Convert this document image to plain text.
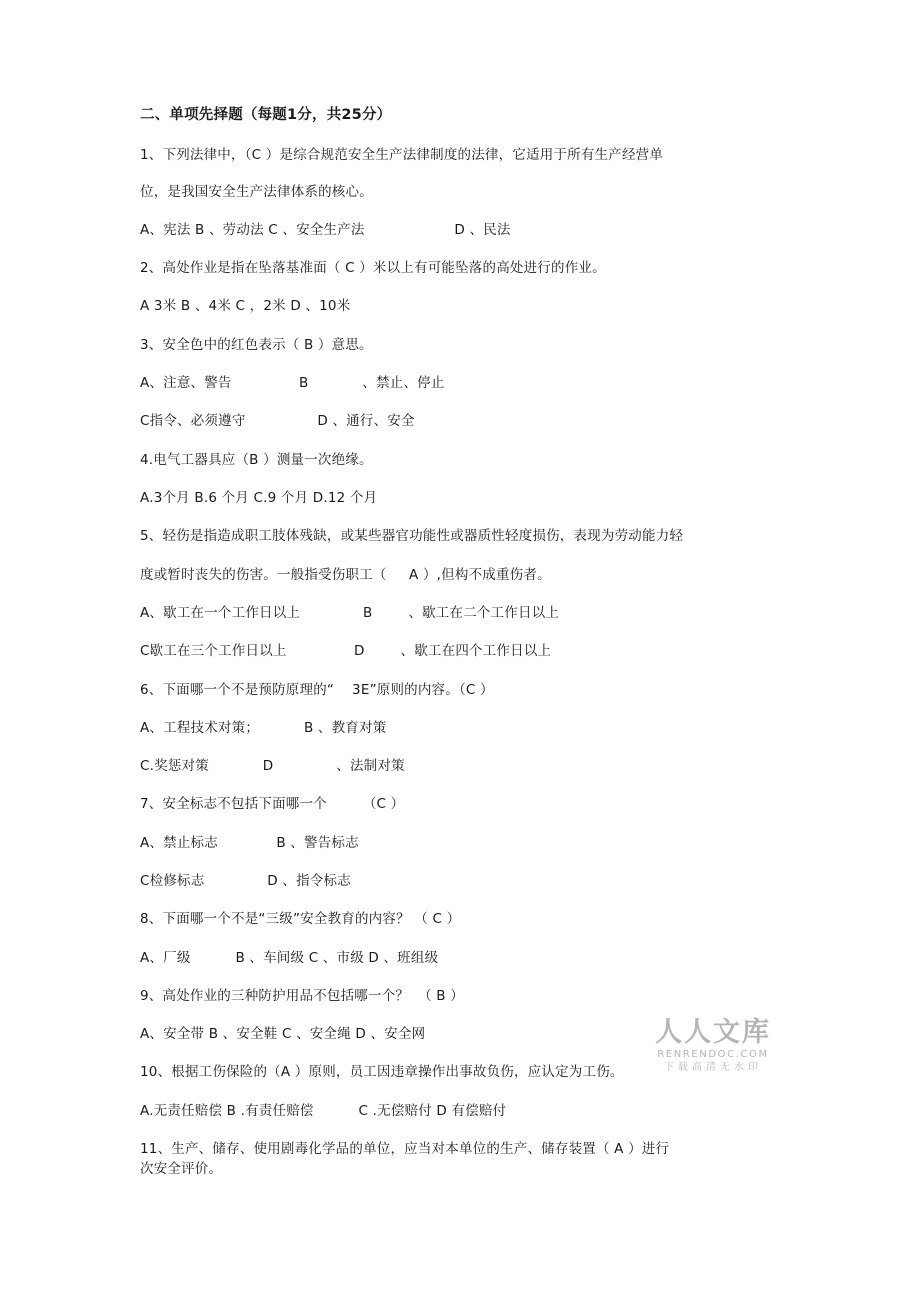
二、单项先择题（每题1分，共25分）
1、下列法律中，（C ）是综合规范安全生产法律制度的法律，它适用于所有生产经营单
位，是我国安全生产法律体系的核心。
A、宪法 B 、劳动法 C 、安全生产法                    D 、民法
2、高处作业是指在坠落基准面（ C ）米以上有可能坠落的高处进行的作业。
A 3米 B 、4米 C ，2米 D 、10米
3、安全色中的红色表示（ B ）意思。
A、注意、警告               B            、禁止、停止
C指令、必须遵守                D 、通行、安全
4.电气工器具应（B ）测量一次绝缘。
A.3个月 B.6 个月 C.9 个月 D.12 个月
5、轻伤是指造成职工肢体残缺，或某些器官功能性或器质性轻度损伤，表现为劳动能力轻
度或暂时丧失的伤害。一般指受伤职工（     A ）,但构不成重伤者。
A、歇工在一个工作日以上              B        、歇工在二个工作日以上
C歇工在三个工作日以上               D        、歇工在四个工作日以上
6、下面哪一个不是预防原理的“    3E”原则的内容。（C ）
A、工程技术对策；          B 、教育对策
C.奖惩对策            D              、法制对策
7、安全标志不包括下面哪一个        （C ）
A、禁止标志             B 、警告标志
C检修标志              D 、指令标志
8、下面哪一个不是“三级”安全教育的内容？ （ C ）
A、厂级          B 、车间级 C 、市级 D 、班组级
9、高处作业的三种防护用品不包括哪一个？  （ B ）
A、安全带 B 、安全鞋 C 、安全绳 D 、安全网
10、根据工伤保险的（A ）原则，员工因违章操作出事故负伤，应认定为工伤。
A.无责任赔偿 B .有责任赔偿          C .无偿赔付 D 有偿赔付
11、生产、储存、使用剧毒化学品的单位，应当对本单位的生产、储存装置（ A ）进行
次安全评价。
人人文库
RENRENDOC.COM
下载高清无水印
